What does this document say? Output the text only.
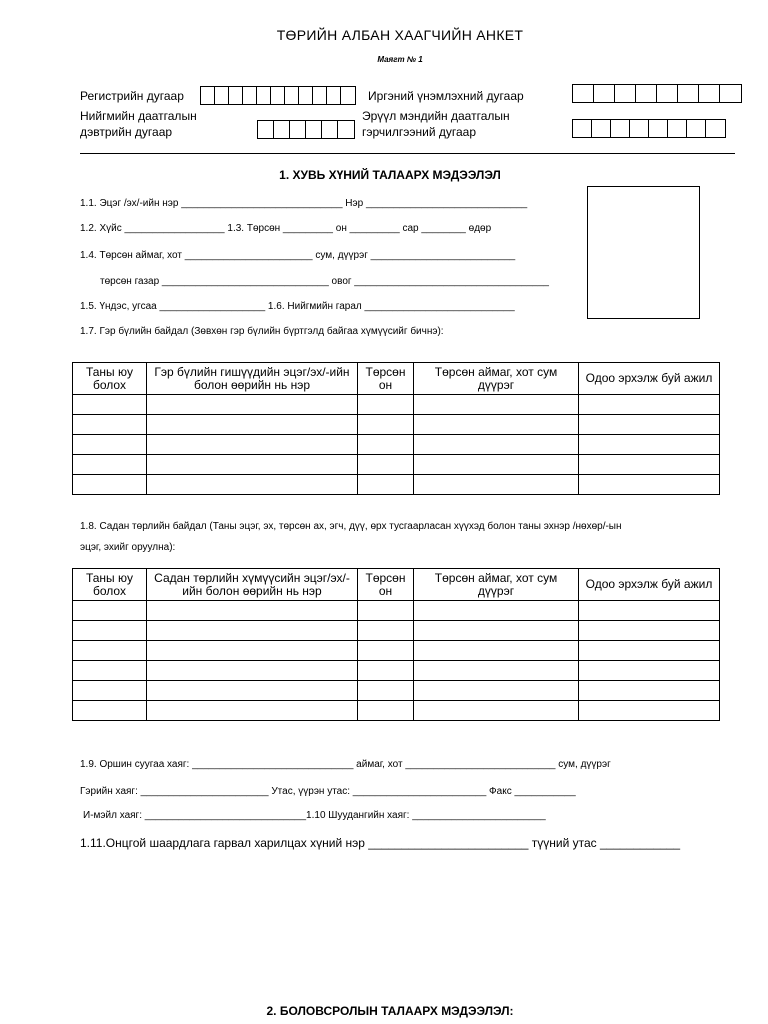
ТӨРИЙН АЛБАН ХААГЧИЙН АНКЕТ
Маягт № 1
Регистрийн дугаар	Иргэний үнэмлэхний дугаар
Нийгмийн даатгалын
дэвтрийн дугаар
Эрүүл мэндийн даатгалын
гэрчилгээний дугаар
1. ХУВЬ ХҮНИЙ ТАЛААРХ МЭДЭЭЛЭЛ
1.1. Эцэг /эх/-ийн нэр _____________________________ Нэр _____________________________
1.2. Хүйс __________________ 1.3. Төрсөн _________ он _________ сар ________ өдөр
1.4. Төрсөн аймаг, хот _______________________ сум, дүүрэг __________________________
төрсөн газар ______________________________ овог ___________________________________
1.5. Үндэс, угсаа ___________________ 1.6. Нийгмийн гарал ___________________________
1.7. Гэр бүлийн байдал (Зөвхөн гэр бүлийн бүртгэлд байгаа хүмүүсийг бичнэ):
Таны юу болох	Гэр бүлийн гишүүдийн эцэг/эх/-ийн болон өөрийн нь нэр	Төрсөн он	Төрсөн аймаг, хот сум дүүрэг	Одоо эрхэлж буй ажил

1.8. Садан төрлийн байдал (Таны эцэг, эх, төрсөн ах, эгч, дүү, өрх тусгаарласан хүүхэд болон таны эхнэр /нөхөр/-ын
эцэг, эхийг оруулна):
Таны юу болох	Садан төрлийн хүмүүсийн эцэг/эх/-ийн болон өөрийн нь нэр	Төрсөн он	Төрсөн аймаг, хот сум дүүрэг	Одоо эрхэлж буй ажил

1.9. Оршин суугаа хаяг: _____________________________ аймаг, хот ___________________________ сум, дүүрэг
Гэрийн хаяг: _______________________ Утас, үүрэн утас: ________________________ Факс ___________
И-мэйл хаяг: _____________________________1.10 Шуудангийн хаяг: ________________________
1.11.Онцгой шаардлага гарвал харилцах хүний нэр ________________________ түүний утас ____________
2. БОЛОВСРОЛЫН ТАЛААРХ МЭДЭЭЛЭЛ:
